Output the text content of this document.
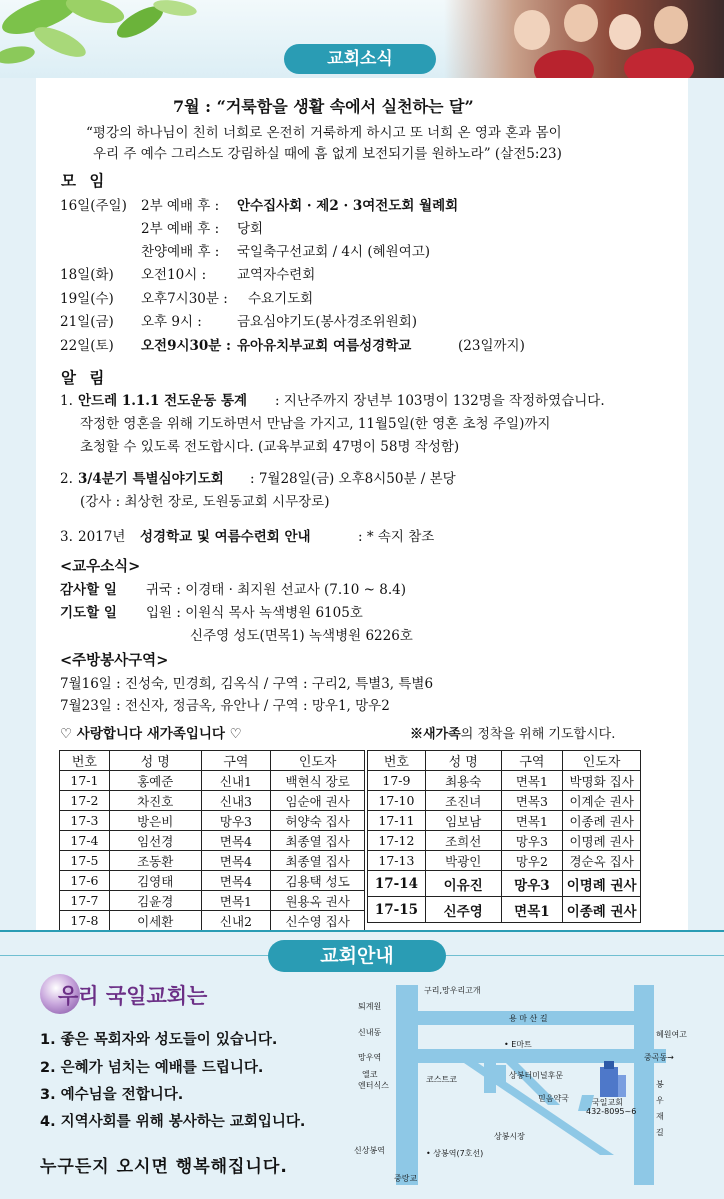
교회소식
7월 : “거룩함을 생활 속에서 실천하는 달”
“평강의 하나님이 친히 너희로 온전히 거룩하게 하시고 또 너희 온 영과 혼과 몸이
우리 주 예수 그리스도 강림하실 때에 흠 없게 보전되기를 원하노라” (살전5:23)
모 임
16일(주일) 2부 예배 후 : 안수집사회 · 제2 · 3여전도회 월례회
2부 예배 후 : 당회
찬양예배 후 : 국일축구선교회 / 4시 (혜원여고)
18일(화) 오전10시 : 교역자수련회
19일(수) 오후7시30분 : 수요기도회
21일(금) 오후 9시 :	금요심야기도(봉사경조위원회)
22일(토) 오전9시30분 : 유아유치부교회 여름성경학교	(23일까지)
알 림
1. 안드레 1.1.1 전도운동 통계 : 지난주까지 장년부 103명이 132명을 작정하였습니다.
작정한 영혼을 위해 기도하면서 만남을 가지고, 11월5일(한 영혼 초청 주일)까지
초청할 수 있도록 전도합시다. (교육부교회 47명이 58명 작성함)
2. 3/4분기 특별심야기도회 : 7월28일(금) 오후8시50분 / 본당
(강사 : 최상헌 장로, 도원동교회 시무장로)
3. 2017년 성경학교 및 여름수련회 안내	: * 속지 참조
<교우소식>
감사할 일 귀국 : 이경태 · 최지원 선교사 (7.10 ~ 8.4)
기도할 일 입원 : 이원식 목사 녹색병원 6105호
신주영 성도(면목1) 녹색병원 6226호
<주방봉사구역>
7월16일 : 진성숙, 민경희, 김옥식 / 구역 : 구리2, 특별3, 특별6
7월23일 : 전신자, 정금옥, 유안나 / 구역 : 망우1, 망우2
♡ 사랑합니다 새가족입니다 ♡	※새가족의 정착을 위해 기도합시다.
번호	성 명	구역	인도자
17-1	홍예준	신내1	백현식 장로
17-2	차진호	신내3	임순애 권사
17-3	방은비	망우3	허양숙 집사
17-4	임선경	면목4	최종열 집사
17-5	조동환	면목4	최종열 집사
17-6	김영태	면목4	김용택 성도
17-7	김윤경	면목1	원용옥 권사
17-8	이세환	신내2	신수영 집사
번호	성 명	구역	인도자
17-9	최용숙	면목1	박명화 집사
17-10	조진녀	면목3	이계순 권사
17-11	임보남	면목1	이종례 권사
17-12	조희선	망우3	이명례 권사
17-13	박광인	망우2	경순옥 집사
17-14	이유진	망우3	이명례 권사
17-15	신주영	면목1	이종례 권사
교회안내
우리 국일교회는
1. 좋은 목회자와 성도들이 있습니다.
2. 은혜가 넘치는 예배를 드립니다.
3. 예수님을 전합니다.
4. 지역사회를 위해 봉사하는 교회입니다.
누구든지 오시면 행복해집니다.
구리,망우리고개
퇴계원
용 마 산 길
신내동
• E마트
혜원여고
망우역	중곡동→
엘코
엔터식스
코스트코	상봉터미널후문
국일교회
432-8095~6
믿음약국
봉 우 재 길
상봉시장
신상봉역	• 상봉역(7호선)
중랑교
